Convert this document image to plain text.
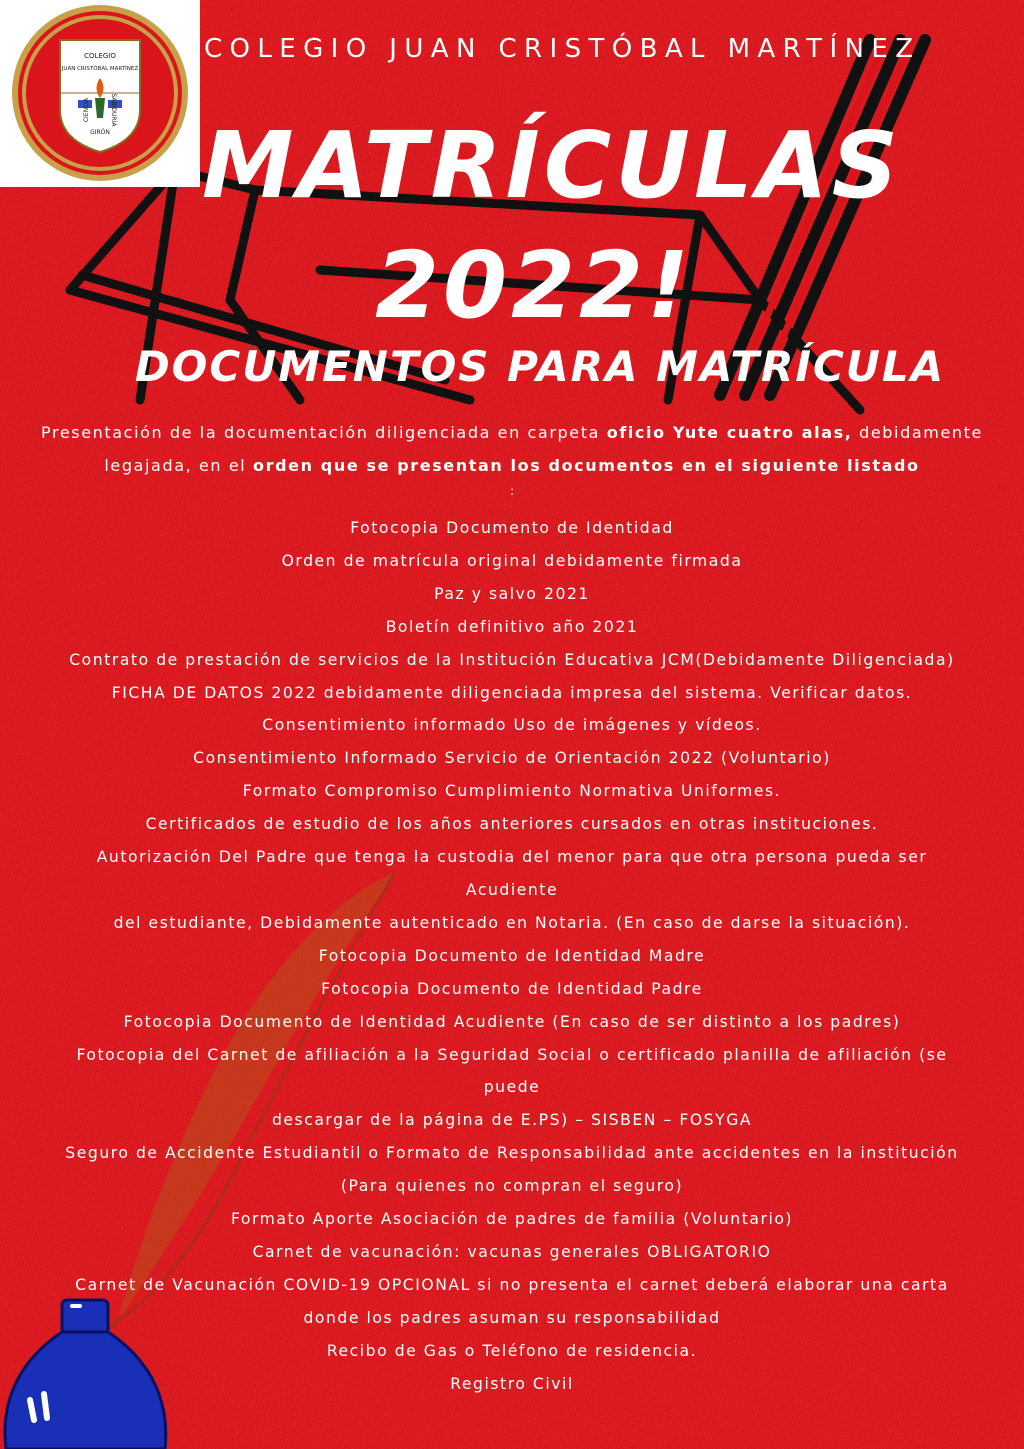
COLEGIO
JUAN CRISTÓBAL MARTÍNEZ
CIENCIA	SABIDURÍA
GIRÓN
COLEGIO JUAN CRISTÓBAL MARTÍNEZ
MATRÍCULAS
2022!
DOCUMENTOS PARA MATRÍCULA
Presentación de la documentación diligenciada en carpeta oficio Yute cuatro alas, debidamente legajada, en el orden que se presentan los documentos en el siguiente listado
:
Fotocopia Documento de Identidad
Orden de matrícula original debidamente firmada
Paz y salvo 2021
Boletín definitivo año 2021
Contrato de prestación de servicios de la Institución Educativa JCM(Debidamente Diligenciada)
FICHA DE DATOS 2022 debidamente diligenciada impresa del sistema. Verificar datos.
Consentimiento informado Uso de imágenes y vídeos.
Consentimiento Informado Servicio de Orientación 2022 (Voluntario)
Formato Compromiso Cumplimiento Normativa Uniformes.
Certificados de estudio de los años anteriores cursados en otras instituciones.
Autorización Del Padre que tenga la custodia del menor para que otra persona pueda ser
Acudiente
del estudiante, Debidamente autenticado en Notaria. (En caso de darse la situación).
Fotocopia Documento de Identidad Madre
Fotocopia Documento de Identidad Padre
Fotocopia Documento de Identidad Acudiente (En caso de ser distinto a los padres)
Fotocopia del Carnet de afiliación a la Seguridad Social o certificado planilla de afiliación (se
puede
descargar de la página de E.PS) – SISBEN – FOSYGA
Seguro de Accidente Estudiantil o Formato de Responsabilidad ante accidentes en la institución
(Para quienes no compran el seguro)
Formato Aporte Asociación de padres de familia (Voluntario)
Carnet de vacunación: vacunas generales OBLIGATORIO
Carnet de Vacunación COVID-19 OPCIONAL si no presenta el carnet deberá elaborar una carta
donde los padres asuman su responsabilidad
Recibo de Gas o Teléfono de residencia.
Registro Civil
